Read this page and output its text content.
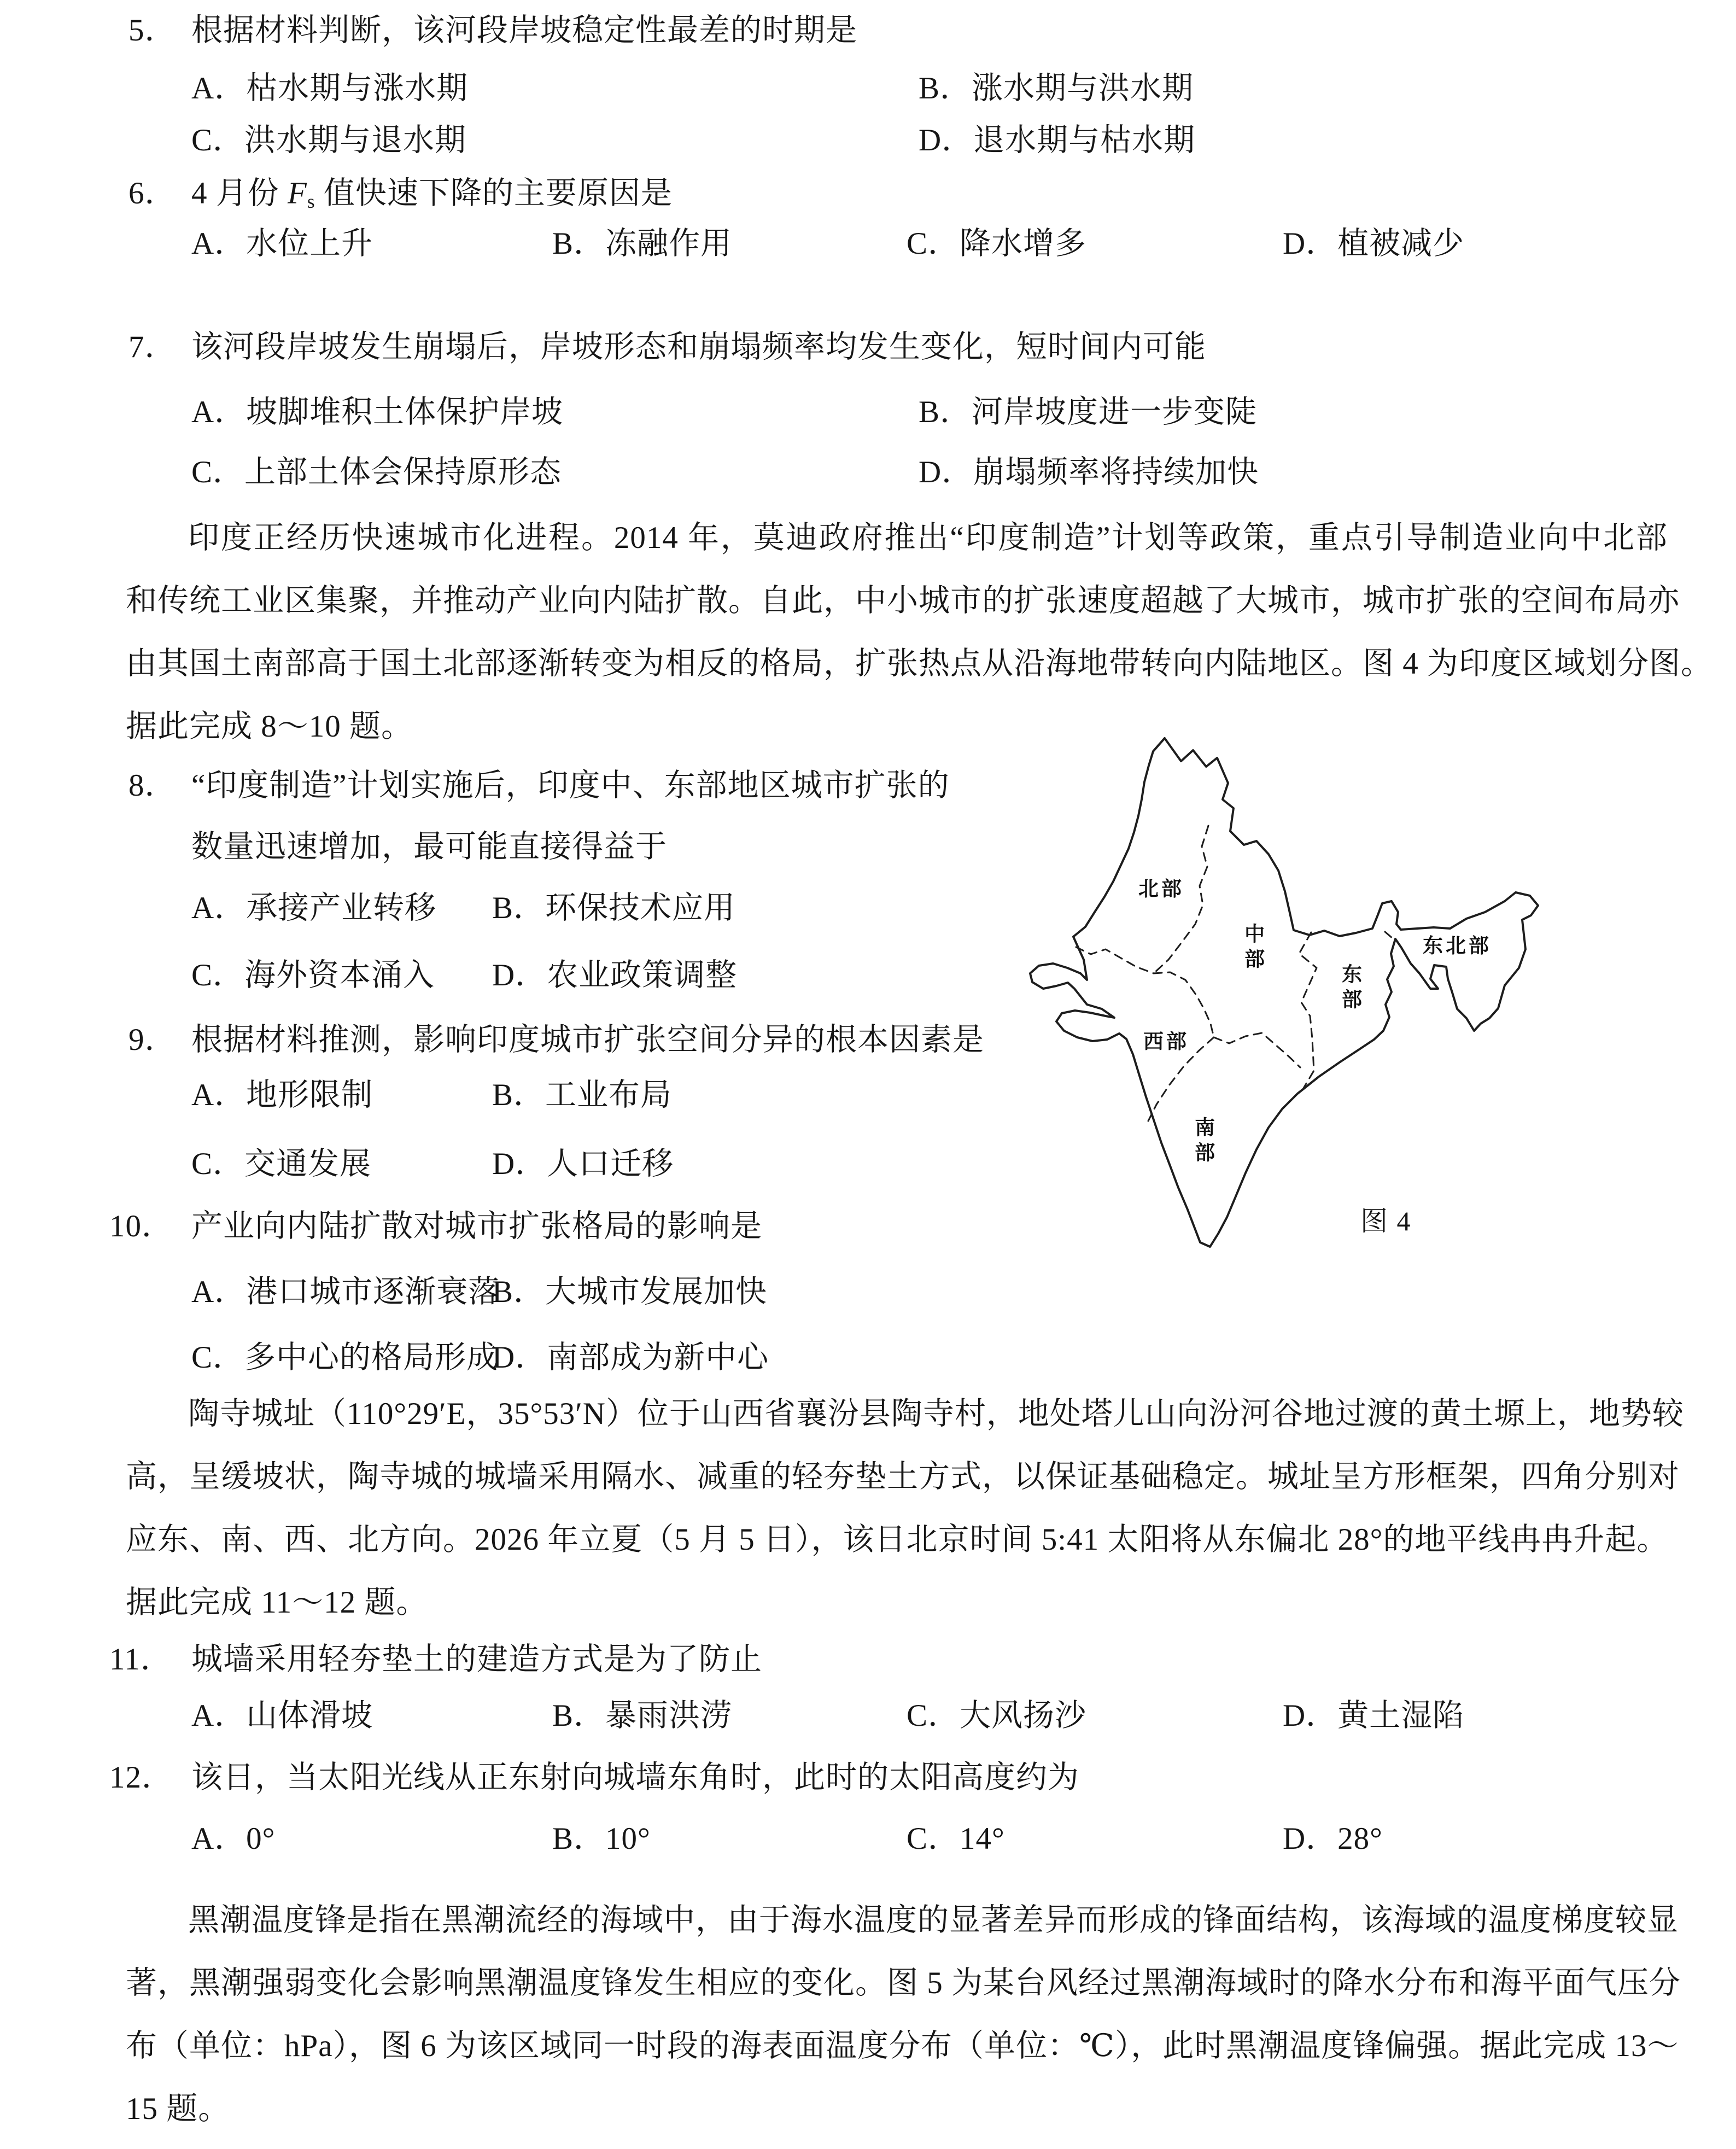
5． 根据材料判断，该河段岸坡稳定性最差的时期是
A．枯水期与涨水期	B．涨水期与洪水期
C．洪水期与退水期	D．退水期与枯水期
6． 4 月份 $F_s$ 值快速下降的主要原因是
A．水位上升	B．冻融作用	C．降水增多	D．植被减少
7． 该河段岸坡发生崩塌后，岸坡形态和崩塌频率均发生变化，短时间内可能
A．坡脚堆积土体保护岸坡	B．河岸坡度进一步变陡
C．上部土体会保持原形态	D．崩塌频率将持续加快
印度正经历快速城市化进程。2014 年，莫迪政府推出“印度制造”计划等政策，重点引导制造业向中北部
和传统工业区集聚，并推动产业向内陆扩散。自此，中小城市的扩张速度超越了大城市，城市扩张的空间布局亦
由其国土南部高于国土北部逐渐转变为相反的格局，扩张热点从沿海地带转向内陆地区。图 4 为印度区域划分图。
据此完成 8～10 题。
8． “印度制造”计划实施后，印度中、东部地区城市扩张的
数量迅速增加，最可能直接得益于
A．承接产业转移 B．环保技术应用
C．海外资本涌入 D．农业政策调整
9． 根据材料推测，影响印度城市扩张空间分异的根本因素是
A．地形限制	B．工业布局
C．交通发展	D．人口迁移
10． 产业向内陆扩散对城市扩张格局的影响是
A．港口城市逐渐衰落B．大城市发展加快
C．多中心的格局形成D．南部成为新中心
陶寺城址（110°29′E，35°53′N）位于山西省襄汾县陶寺村，地处塔儿山向汾河谷地过渡的黄土塬上，地势较
高，呈缓坡状，陶寺城的城墙采用隔水、减重的轻夯垫土方式，以保证基础稳定。城址呈方形框架，四角分别对
应东、南、西、北方向。2026 年立夏（5 月 5 日），该日北京时间 5:41 太阳将从东偏北 28°的地平线冉冉升起。
据此完成 11～12 题。
11． 城墙采用轻夯垫土的建造方式是为了防止
A．山体滑坡	B．暴雨洪涝	C．大风扬沙	D．黄土湿陷
12． 该日，当太阳光线从正东射向城墙东角时，此时的太阳高度约为
A．0°	B．10°	C．14°	D．28°
黑潮温度锋是指在黑潮流经的海域中，由于海水温度的显著差异而形成的锋面结构，该海域的温度梯度较显
著，黑潮强弱变化会影响黑潮温度锋发生相应的变化。图 5 为某台风经过黑潮海域时的降水分布和海平面气压分
布（单位：hPa），图 6 为该区域同一时段的海表面温度分布（单位：℃），此时黑潮温度锋偏强。据此完成 13～
15 题。
北部
中部
东部
东北部
西部
南部
图 4
